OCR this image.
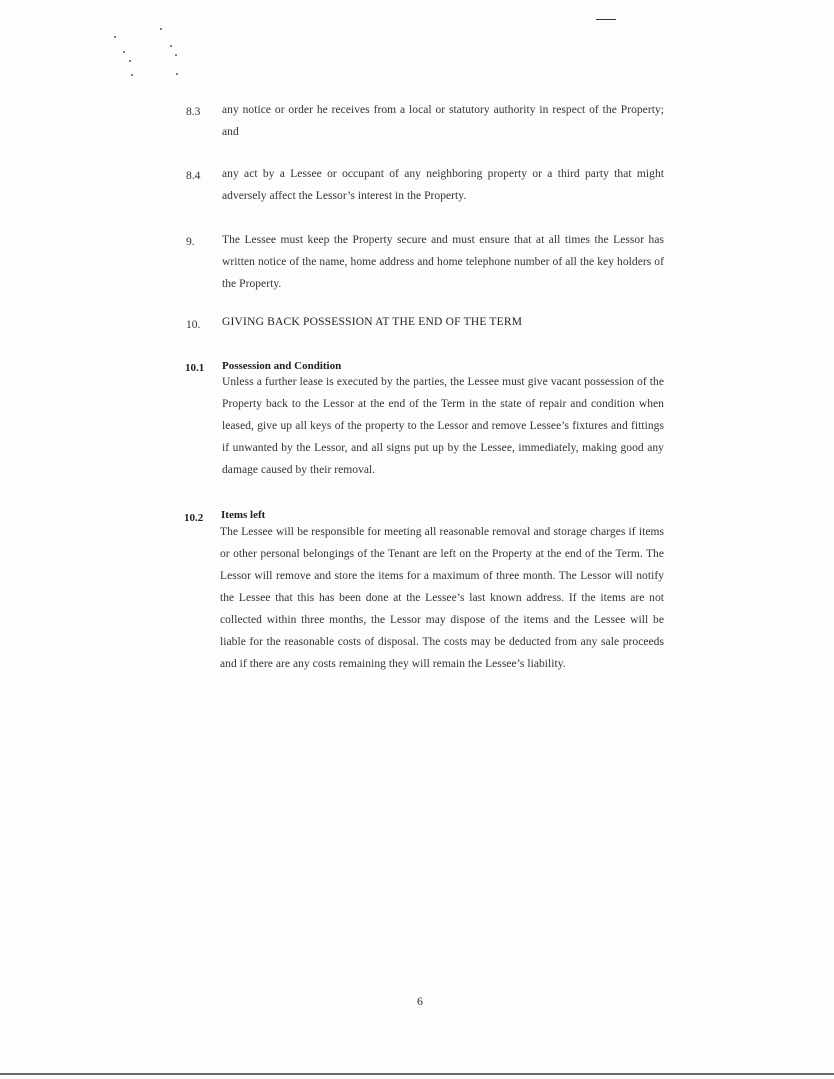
8.3 any notice or order he receives from a local or statutory authority in respect of the Property; and
8.4 any act by a Lessee or occupant of any neighboring property or a third party that might adversely affect the Lessor’s interest in the Property.
9. The Lessee must keep the Property secure and must ensure that at all times the Lessor has written notice of the name, home address and home telephone number of all the key holders of the Property.
10. GIVING BACK POSSESSION AT THE END OF THE TERM
10.1 Possession and Condition
Unless a further lease is executed by the parties, the Lessee must give vacant possession of the Property back to the Lessor at the end of the Term in the state of repair and condition when leased, give up all keys of the property to the Lessor and remove Lessee’s fixtures and fittings if unwanted by the Lessor, and all signs put up by the Lessee, immediately, making good any damage caused by their removal.
10.2 Items left
The Lessee will be responsible for meeting all reasonable removal and storage charges if items or other personal belongings of the Tenant are left on the Property at the end of the Term. The Lessor will remove and store the items for a maximum of three month. The Lessor will notify the Lessee that this has been done at the Lessee’s last known address. If the items are not collected within three months, the Lessor may dispose of the items and the Lessee will be liable for the reasonable costs of disposal. The costs may be deducted from any sale proceeds and if there are any costs remaining they will remain the Lessee’s liability.
6
